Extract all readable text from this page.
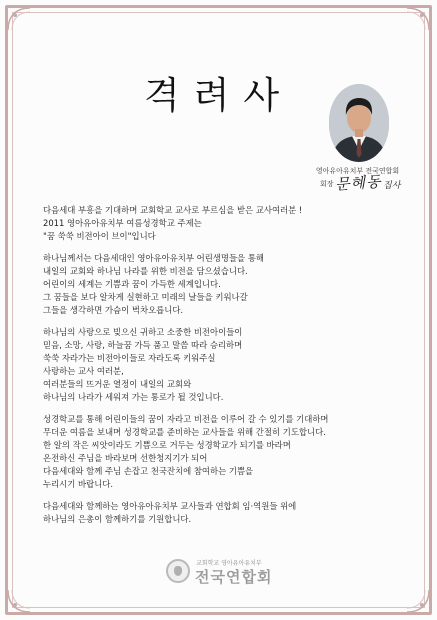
격려사
영아유아유치부 전국연합회
회장 문혜동 집사

다음세대 부흥을 기대하며 교회학교 교사로 부르심을 받은 교사여러분 !
2011 영아유아유치부 여름성경학교 주제는
"꿈 쑥쑥 비전아이 브이"입니다

하나님께서는 다음세대인 영아유아유치부 어린생명들을 통해
내일의 교회와 하나님 나라를 위한 비전을 담으셨습니다.
어린이의 세계는 기쁨과 꿈이 가득한 세계입니다.
그 꿈들을 보다 알차게 실현하고 미래의 날들을 키워나갈
그들을 생각하면 가슴이 벅차오릅니다.

하나님의 사랑으로 빚으신 귀하고 소중한 비전아이들이
믿음, 소망, 사랑, 하늘꿈 가득 품고 말씀 따라 승리하며
쑥쑥 자라가는 비전아이들로 자라도록 키워주실
사랑하는 교사 여러분,
여러분들의 뜨거운 열정이 내일의 교회와
하나님의 나라가 세워져 가는 통로가 될 것입니다.

성경학교를 통해 어린이들의 꿈이 자라고 비전을 이루어 갈 수 있기를 기대하며
무더운 여름을 보내며 성경학교를 준비하는 교사들을 위해 간절히 기도합니다.
한 알의 작은 씨앗이라도 기쁨으로 거두는 성경학교가 되기를 바라며
온전하신 주님을 바라보며 선한청지기가 되어
다음세대와 함께 주님 손잡고 천국잔치에 참여하는 기쁨을
누리시기 바랍니다.

다음세대와 함께하는 영아유아유치부 교사들과 연합회 임·역원들 위에
하나님의 은총이 함께하기를 기원합니다.

교회학교 영아유아유치부
전국연합회
